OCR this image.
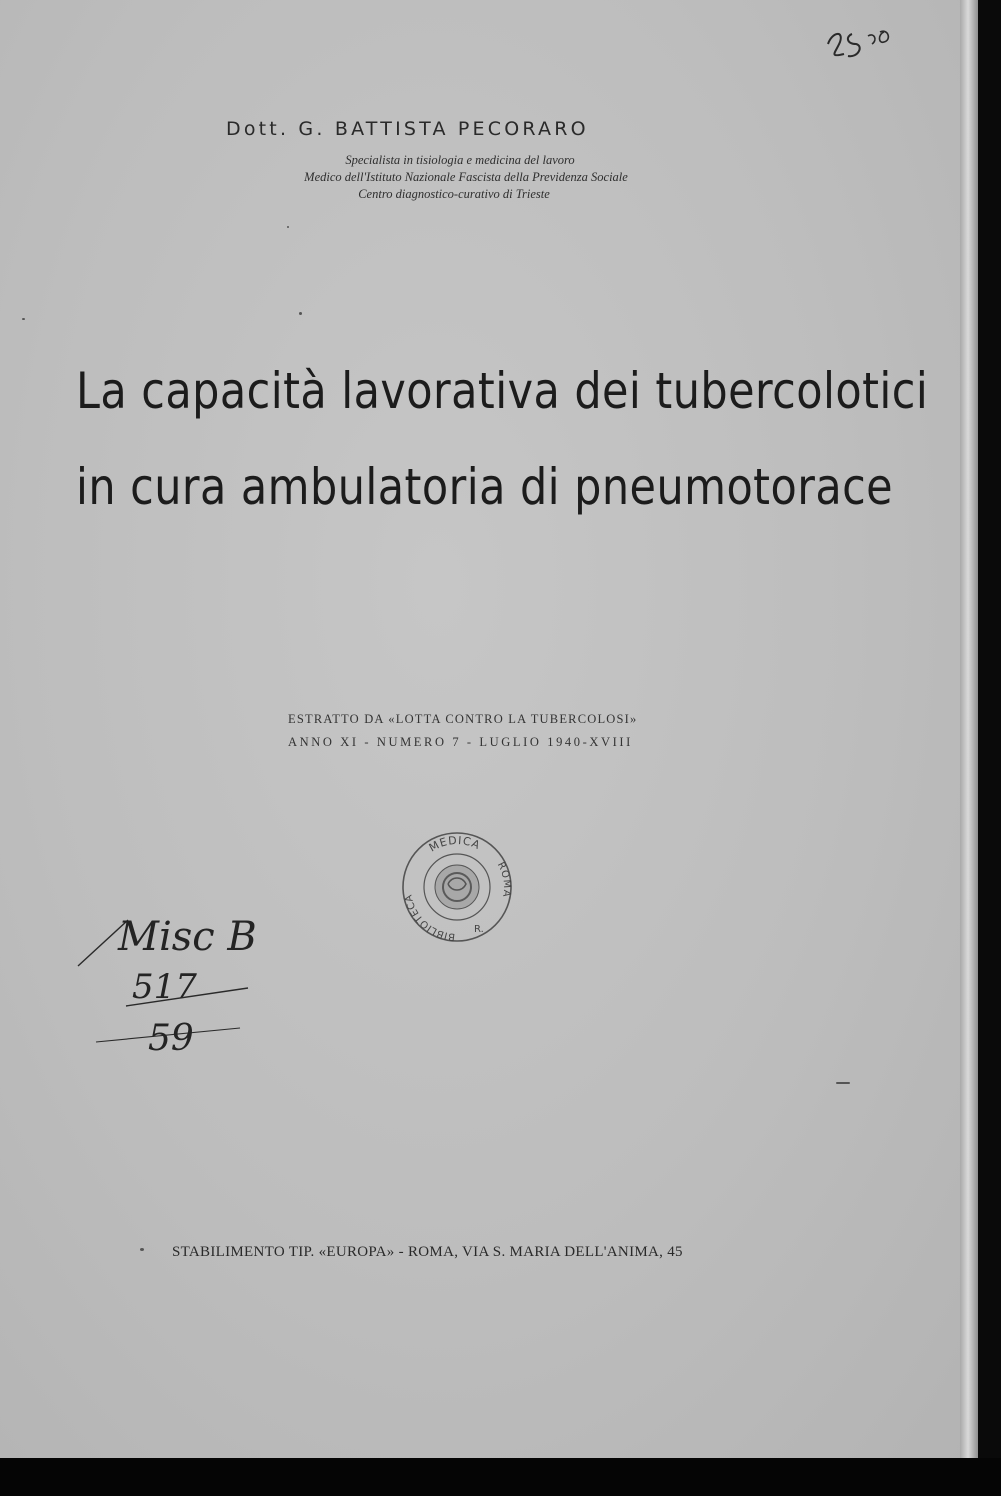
Dott. G. BATTISTA PECORARO
Specialista in tisiologia e medicina del lavoro
Medico dell'Istituto Nazionale Fascista della Previdenza Sociale
Centro diagnostico-curativo di Trieste
La capacità lavorativa dei tubercolotici
in cura ambulatoria di pneumotorace
ESTRATTO DA «LOTTA CONTRO LA TUBERCOLOSI»
ANNO XI - NUMERO 7 - LUGLIO 1940-XVIII
MEDICA
BIBLIOTECA
ROMA
R.
Misc B
517
59
STABILIMENTO TIP. «EUROPA» - ROMA, VIA S. MARIA DELL'ANIMA, 45
